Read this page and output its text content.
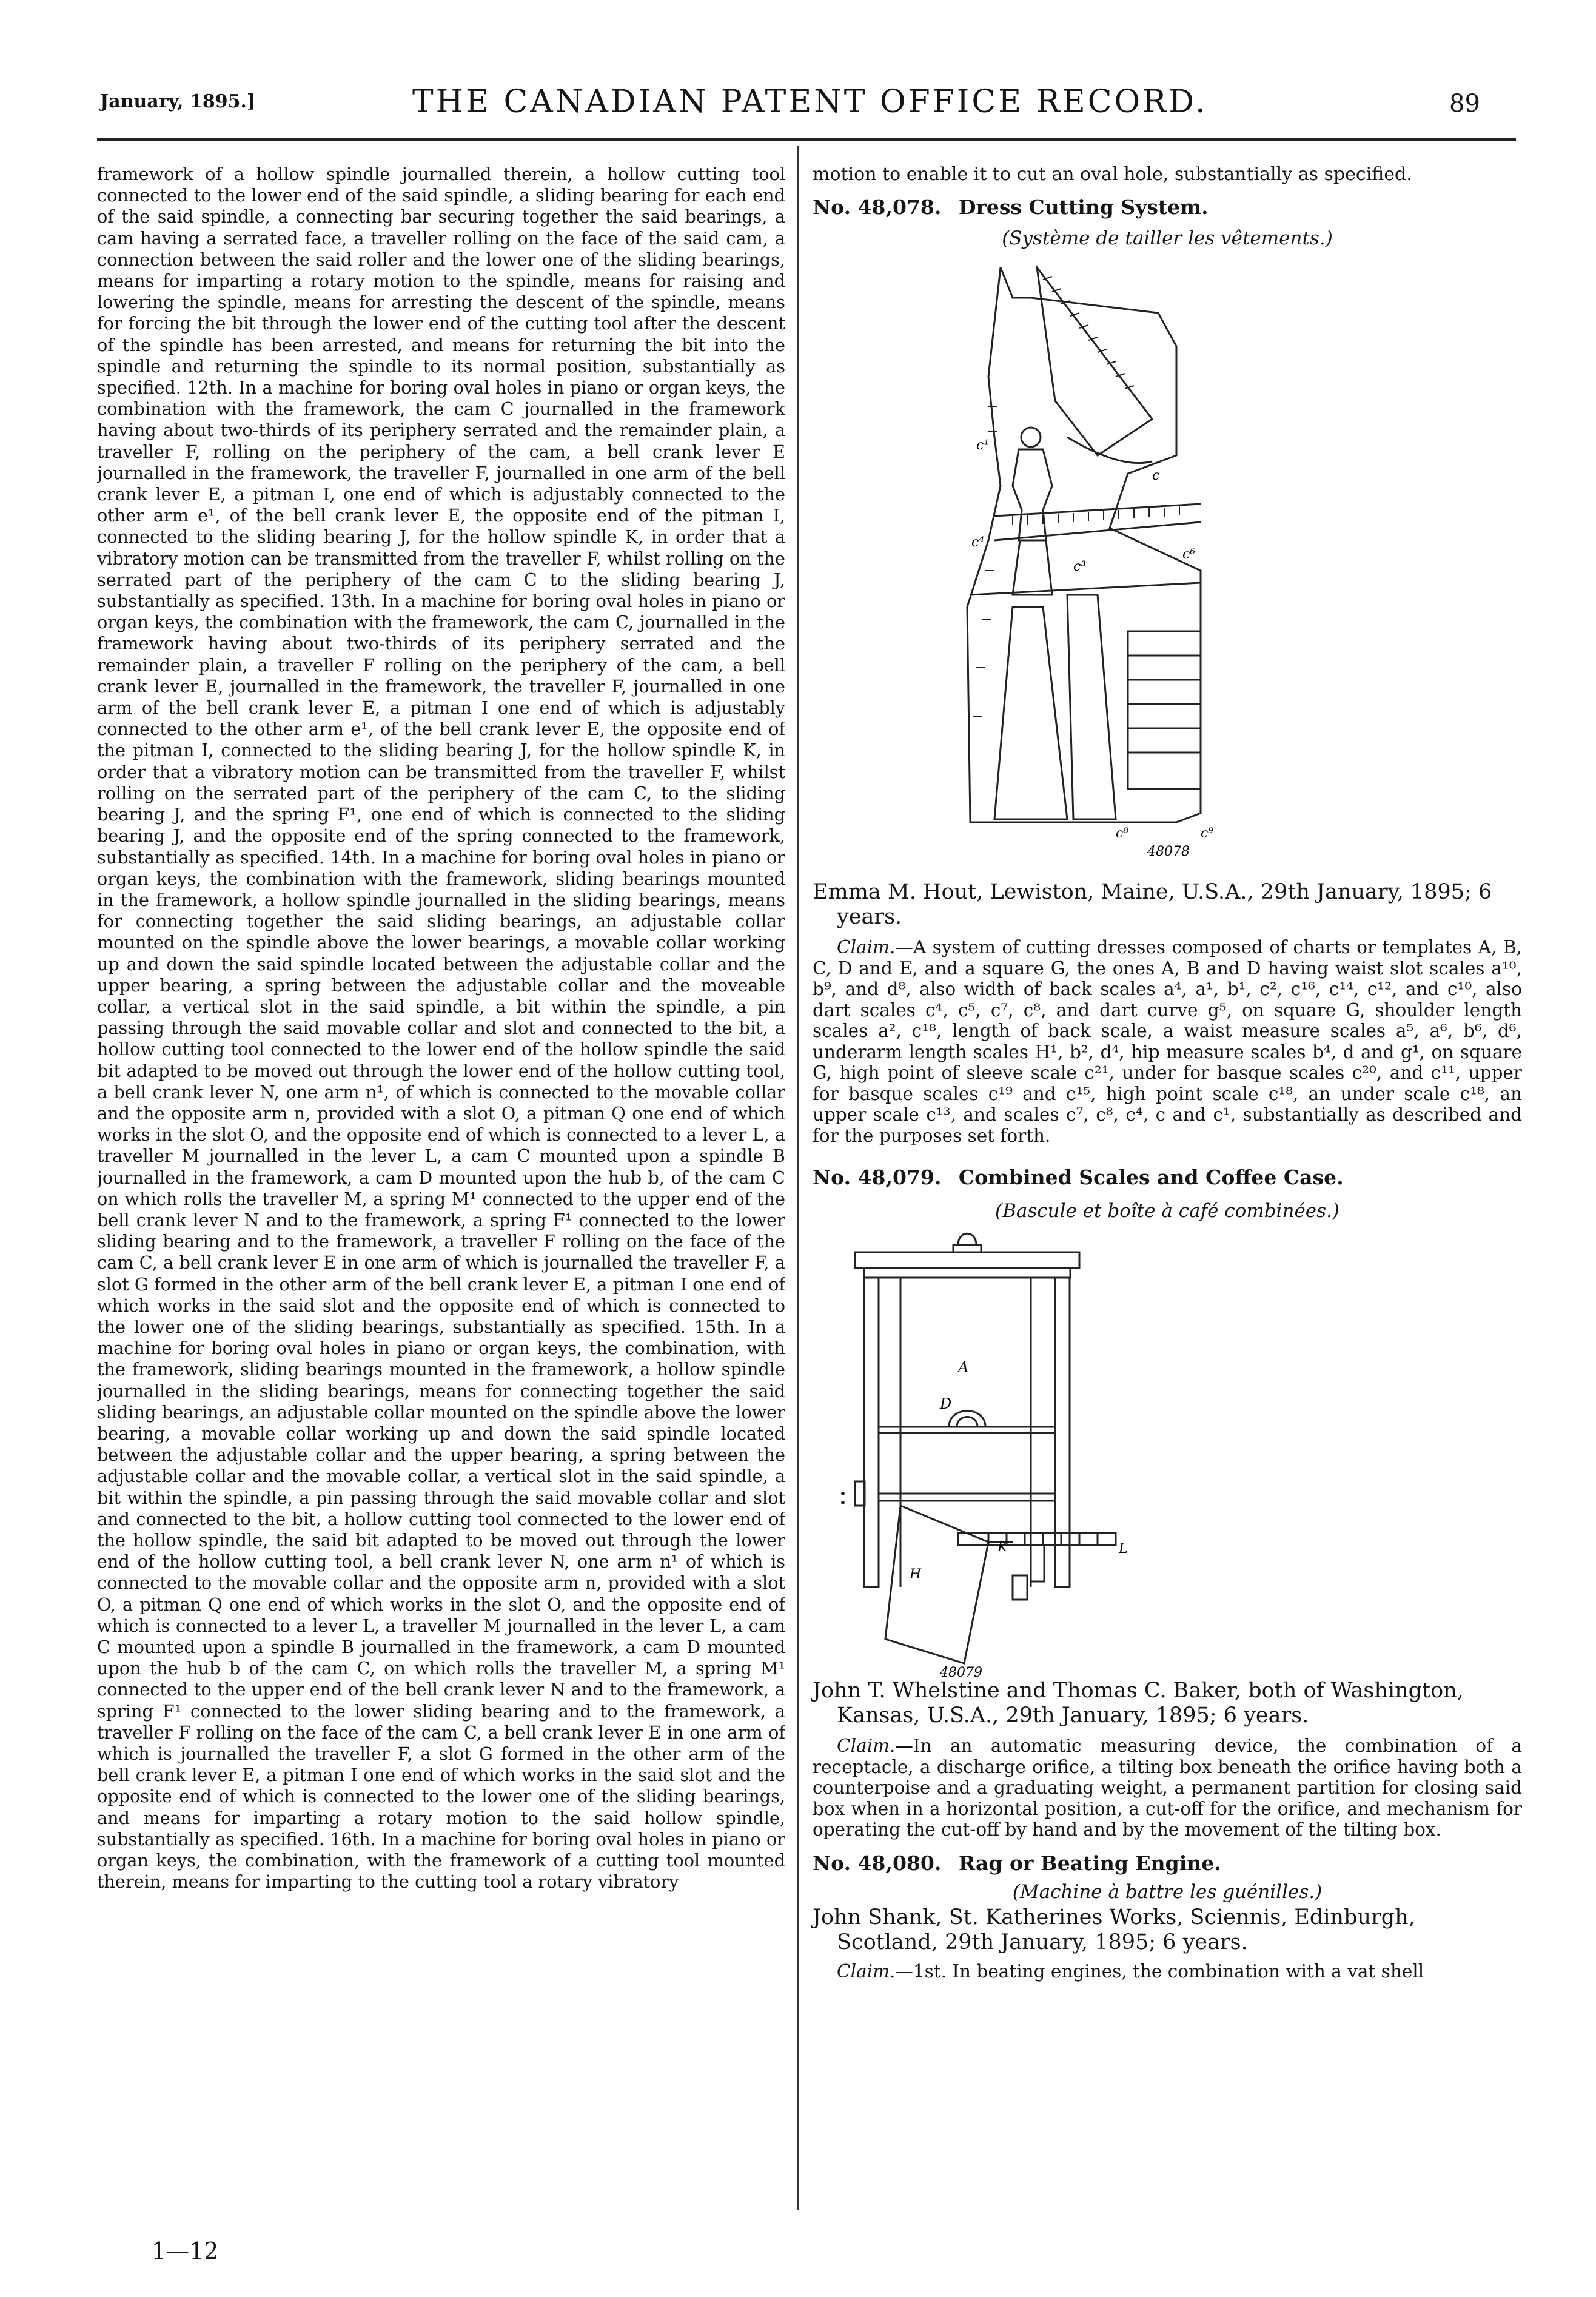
January, 1895.]	THE CANADIAN PATENT OFFICE RECORD.	89

framework of a hollow spindle journalled therein, a hollow cutting tool connected to the lower end of the said spindle, a sliding bearing for each end of the said spindle, a connecting bar securing together the said bearings, a cam having a serrated face, a traveller rolling on the face of the said cam, a connection between the said roller and the lower one of the sliding bearings, means for imparting a rotary motion to the spindle, means for raising and lowering the spindle, means for arresting the descent of the spindle, means for forcing the bit through the lower end of the cutting tool after the descent of the spindle has been arrested, and means for returning the bit into the spindle and returning the spindle to its normal position, substantially as specified. 12th. In a machine for boring oval holes in piano or organ keys, the combination with the framework, the cam C journalled in the framework having about two-thirds of its periphery serrated and the remainder plain, a traveller F, rolling on the periphery of the cam, a bell crank lever E journalled in the framework, the traveller F, journalled in one arm of the bell crank lever E, a pitman I, one end of which is adjustably connected to the other arm e¹, of the bell crank lever E, the opposite end of the pitman I, connected to the sliding bearing J, for the hollow spindle K, in order that a vibratory motion can be transmitted from the traveller F, whilst rolling on the serrated part of the periphery of the cam C to the sliding bearing J, substantially as specified. 13th. In a machine for boring oval holes in piano or organ keys, the combination with the framework, the cam C, journalled in the framework having about two-thirds of its periphery serrated and the remainder plain, a traveller F rolling on the periphery of the cam, a bell crank lever E, journalled in the framework, the traveller F, journalled in one arm of the bell crank lever E, a pitman I one end of which is adjustably connected to the other arm e¹, of the bell crank lever E, the opposite end of the pitman I, connected to the sliding bearing J, for the hollow spindle K, in order that a vibratory motion can be transmitted from the traveller F, whilst rolling on the serrated part of the periphery of the cam C, to the sliding bearing J, and the spring F¹, one end of which is connected to the sliding bearing J, and the opposite end of the spring connected to the framework, substantially as specified. 14th. In a machine for boring oval holes in piano or organ keys, the combination with the framework, sliding bearings mounted in the framework, a hollow spindle journalled in the sliding bearings, means for connecting together the said sliding bearings, an adjustable collar mounted on the spindle above the lower bearings, a movable collar working up and down the said spindle located between the adjustable collar and the upper bearing, a spring between the adjustable collar and the moveable collar, a vertical slot in the said spindle, a bit within the spindle, a pin passing through the said movable collar and slot and connected to the bit, a hollow cutting tool connected to the lower end of the hollow spindle the said bit adapted to be moved out through the lower end of the hollow cutting tool, a bell crank lever N, one arm n¹, of which is connected to the movable collar and the opposite arm n, provided with a slot O, a pitman Q one end of which works in the slot O, and the opposite end of which is connected to a lever L, a traveller M journalled in the lever L, a cam C mounted upon a spindle B journalled in the framework, a cam D mounted upon the hub b, of the cam C on which rolls the traveller M, a spring M¹ connected to the upper end of the bell crank lever N and to the framework, a spring F¹ connected to the lower sliding bearing and to the framework, a traveller F rolling on the face of the cam C, a bell crank lever E in one arm of which is journalled the traveller F, a slot G formed in the other arm of the bell crank lever E, a pitman I one end of which works in the said slot and the opposite end of which is connected to the lower one of the sliding bearings, substantially as specified. 15th. In a machine for boring oval holes in piano or organ keys, the combination, with the framework, sliding bearings mounted in the framework, a hollow spindle journalled in the sliding bearings, means for connecting together the said sliding bearings, an adjustable collar mounted on the spindle above the lower bearing, a movable collar working up and down the said spindle located between the adjustable collar and the upper bearing, a spring between the adjustable collar and the movable collar, a vertical slot in the said spindle, a bit within the spindle, a pin passing through the said movable collar and slot and connected to the bit, a hollow cutting tool connected to the lower end of the hollow spindle, the said bit adapted to be moved out through the lower end of the hollow cutting tool, a bell crank lever N, one arm n¹ of which is connected to the movable collar and the opposite arm n, provided with a slot O, a pitman Q one end of which works in the slot O, and the opposite end of which is connected to a lever L, a traveller M journalled in the lever L, a cam C mounted upon a spindle B journalled in the framework, a cam D mounted upon the hub b of the cam C, on which rolls the traveller M, a spring M¹ connected to the upper end of the bell crank lever N and to the framework, a spring F¹ connected to the lower sliding bearing and to the framework, a traveller F rolling on the face of the cam C, a bell crank lever E in one arm of which is journalled the traveller F, a slot G formed in the other arm of the bell crank lever E, a pitman I one end of which works in the said slot and the opposite end of which is connected to the lower one of the sliding bearings, and means for imparting a rotary motion to the said hollow spindle, substantially as specified. 16th. In a machine for boring oval holes in piano or organ keys, the combination, with the framework of a cutting tool mounted therein, means for imparting to the cutting tool a rotary vibratory

1—12

motion to enable it to cut an oval hole, substantially as specified.

No. 48,078. Dress Cutting System.

(Système de tailler les vêtements.)

c¹
c
c⁴
c³
c⁶
c⁸	c⁹
48078

Emma M. Hout, Lewiston, Maine, U.S.A., 29th January, 1895; 6 years.

Claim.—A system of cutting dresses composed of charts or templates A, B, C, D and E, and a square G, the ones A, B and D having waist slot scales a¹⁰, b⁹, and d⁸, also width of back scales a⁴, a¹, b¹, c², c¹⁶, c¹⁴, c¹², and c¹⁰, also dart scales c⁴, c⁵, c⁷, c⁸, and dart curve g⁵, on square G, shoulder length scales a², c¹⁸, length of back scale, a waist measure scales a⁵, a⁶, b⁶, d⁶, underarm length scales H¹, b², d⁴, hip measure scales b⁴, d and g¹, on square G, high point of sleeve scale c²¹, under for basque scales c²⁰, and c¹¹, upper for basque scales c¹⁹ and c¹⁵, high point scale c¹⁸, an under scale c¹⁸, an upper scale c¹³, and scales c⁷, c⁸, c⁴, c and c¹, substantially as described and for the purposes set forth.

No. 48,079. Combined Scales and Coffee Case.

(Bascule et boîte à café combinées.)

A
D
H
K	L
48079

John T. Whelstine and Thomas C. Baker, both of Washington, Kansas, U.S.A., 29th January, 1895; 6 years.

Claim.—In an automatic measuring device, the combination of a receptacle, a discharge orifice, a tilting box beneath the orifice having both a counterpoise and a graduating weight, a permanent partition for closing said box when in a horizontal position, a cut-off for the orifice, and mechanism for operating the cut-off by hand and by the movement of the tilting box.

No. 48,080. Rag or Beating Engine.

(Machine à battre les guénilles.)

John Shank, St. Katherines Works, Sciennis, Edinburgh, Scotland, 29th January, 1895; 6 years.

Claim.—1st. In beating engines, the combination with a vat shell
